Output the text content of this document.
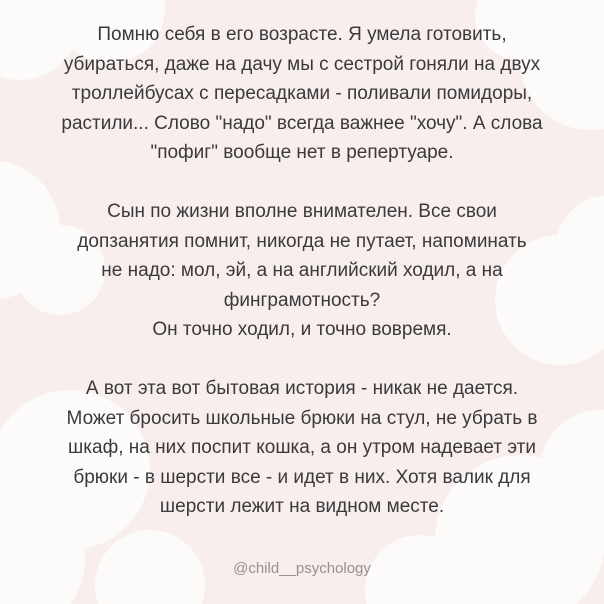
Помню себя в его возрасте. Я умела готовить,
убираться, даже на дачу мы с сестрой гоняли на двух
троллейбусах с пересадками - поливали помидоры,
растили... Слово "надо" всегда важнее "хочу". А слова
"пофиг" вообще нет в репертуаре.

Сын по жизни вполне внимателен. Все свои
допзанятия помнит, никогда не путает, напоминать
не надо: мол, эй, а на английский ходил, а на
финграмотность?
Он точно ходил, и точно вовремя.

А вот эта вот бытовая история - никак не дается.
Может бросить школьные брюки на стул, не убрать в
шкаф, на них поспит кошка, а он утром надевает эти
брюки - в шерсти все - и идет в них. Хотя валик для
шерсти лежит на видном месте.

@child__psychology
